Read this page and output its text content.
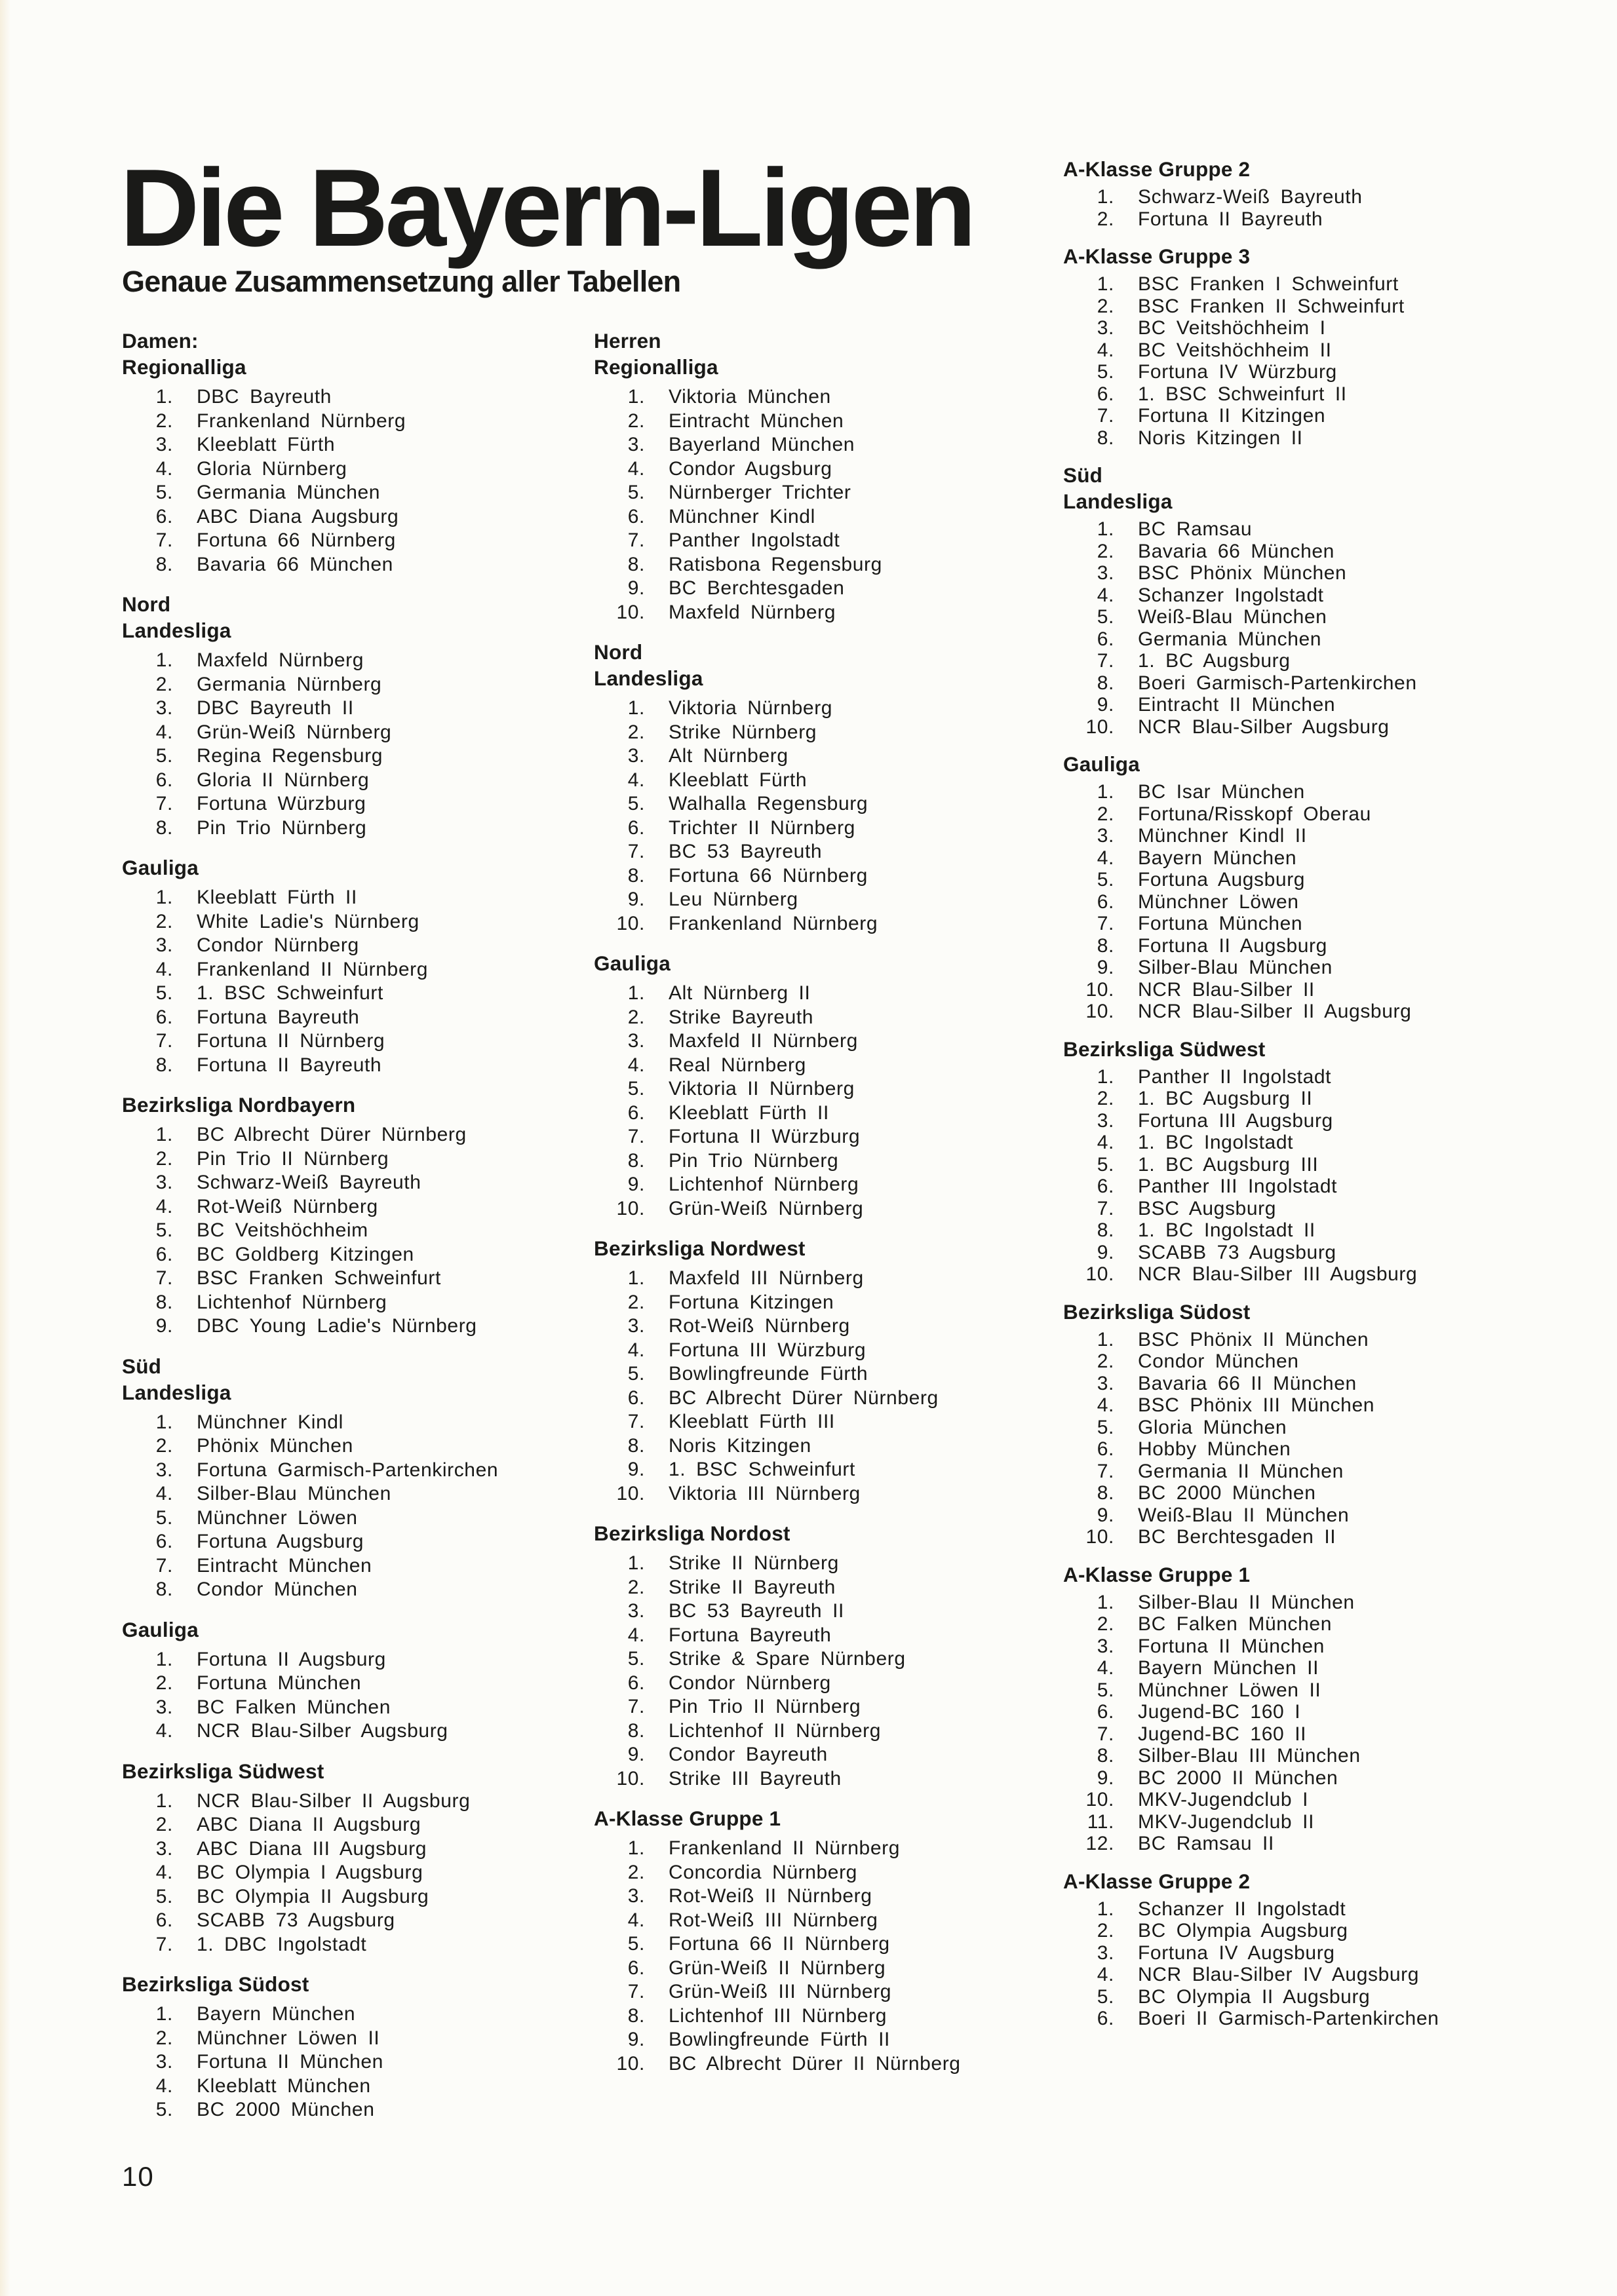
Die Bayern-Ligen
Genaue Zusammensetzung aller Tabellen
Damen:
Regionalliga
1. DBC Bayreuth
2. Frankenland Nürnberg
3. Kleeblatt Fürth
4. Gloria Nürnberg
5. Germania München
6. ABC Diana Augsburg
7. Fortuna 66 Nürnberg
8. Bavaria 66 München
Nord
Landesliga
1. Maxfeld Nürnberg
2. Germania Nürnberg
3. DBC Bayreuth II
4. Grün-Weiß Nürnberg
5. Regina Regensburg
6. Gloria II Nürnberg
7. Fortuna Würzburg
8. Pin Trio Nürnberg
Gauliga
1. Kleeblatt Fürth II
2. White Ladie's Nürnberg
3. Condor Nürnberg
4. Frankenland II Nürnberg
5. 1. BSC Schweinfurt
6. Fortuna Bayreuth
7. Fortuna II Nürnberg
8. Fortuna II Bayreuth
Bezirksliga Nordbayern
1. BC Albrecht Dürer Nürnberg
2. Pin Trio II Nürnberg
3. Schwarz-Weiß Bayreuth
4. Rot-Weiß Nürnberg
5. BC Veitshöchheim
6. BC Goldberg Kitzingen
7. BSC Franken Schweinfurt
8. Lichtenhof Nürnberg
9. DBC Young Ladie's Nürnberg
Süd
Landesliga
1. Münchner Kindl
2. Phönix München
3. Fortuna Garmisch-Partenkirchen
4. Silber-Blau München
5. Münchner Löwen
6. Fortuna Augsburg
7. Eintracht München
8. Condor München
Gauliga
1. Fortuna II Augsburg
2. Fortuna München
3. BC Falken München
4. NCR Blau-Silber Augsburg
Bezirksliga Südwest
1. NCR Blau-Silber II Augsburg
2. ABC Diana II Augsburg
3. ABC Diana III Augsburg
4. BC Olympia I Augsburg
5. BC Olympia II Augsburg
6. SCABB 73 Augsburg
7. 1. DBC Ingolstadt
Bezirksliga Südost
1. Bayern München
2. Münchner Löwen II
3. Fortuna II München
4. Kleeblatt München
5. BC 2000 München
Herren
Regionalliga
1. Viktoria München
2. Eintracht München
3. Bayerland München
4. Condor Augsburg
5. Nürnberger Trichter
6. Münchner Kindl
7. Panther Ingolstadt
8. Ratisbona Regensburg
9. BC Berchtesgaden
10. Maxfeld Nürnberg
Nord
Landesliga
1. Viktoria Nürnberg
2. Strike Nürnberg
3. Alt Nürnberg
4. Kleeblatt Fürth
5. Walhalla Regensburg
6. Trichter II Nürnberg
7. BC 53 Bayreuth
8. Fortuna 66 Nürnberg
9. Leu Nürnberg
10. Frankenland Nürnberg
Gauliga
1. Alt Nürnberg II
2. Strike Bayreuth
3. Maxfeld II Nürnberg
4. Real Nürnberg
5. Viktoria II Nürnberg
6. Kleeblatt Fürth II
7. Fortuna II Würzburg
8. Pin Trio Nürnberg
9. Lichtenhof Nürnberg
10. Grün-Weiß Nürnberg
Bezirksliga Nordwest
1. Maxfeld III Nürnberg
2. Fortuna Kitzingen
3. Rot-Weiß Nürnberg
4. Fortuna III Würzburg
5. Bowlingfreunde Fürth
6. BC Albrecht Dürer Nürnberg
7. Kleeblatt Fürth III
8. Noris Kitzingen
9. 1. BSC Schweinfurt
10. Viktoria III Nürnberg
Bezirksliga Nordost
1. Strike II Nürnberg
2. Strike II Bayreuth
3. BC 53 Bayreuth II
4. Fortuna Bayreuth
5. Strike & Spare Nürnberg
6. Condor Nürnberg
7. Pin Trio II Nürnberg
8. Lichtenhof II Nürnberg
9. Condor Bayreuth
10. Strike III Bayreuth
A-Klasse Gruppe 1
1. Frankenland II Nürnberg
2. Concordia Nürnberg
3. Rot-Weiß II Nürnberg
4. Rot-Weiß III Nürnberg
5. Fortuna 66 II Nürnberg
6. Grün-Weiß II Nürnberg
7. Grün-Weiß III Nürnberg
8. Lichtenhof III Nürnberg
9. Bowlingfreunde Fürth II
10. BC Albrecht Dürer II Nürnberg
A-Klasse Gruppe 2
1. Schwarz-Weiß Bayreuth
2. Fortuna II Bayreuth
A-Klasse Gruppe 3
1. BSC Franken I Schweinfurt
2. BSC Franken II Schweinfurt
3. BC Veitshöchheim I
4. BC Veitshöchheim II
5. Fortuna IV Würzburg
6. 1. BSC Schweinfurt II
7. Fortuna II Kitzingen
8. Noris Kitzingen II
Süd
Landesliga
1. BC Ramsau
2. Bavaria 66 München
3. BSC Phönix München
4. Schanzer Ingolstadt
5. Weiß-Blau München
6. Germania München
7. 1. BC Augsburg
8. Boeri Garmisch-Partenkirchen
9. Eintracht II München
10. NCR Blau-Silber Augsburg
Gauliga
1. BC Isar München
2. Fortuna/Risskopf Oberau
3. Münchner Kindl II
4. Bayern München
5. Fortuna Augsburg
6. Münchner Löwen
7. Fortuna München
8. Fortuna II Augsburg
9. Silber-Blau München
10. NCR Blau-Silber II
10. NCR Blau-Silber II Augsburg
Bezirksliga Südwest
1. Panther II Ingolstadt
2. 1. BC Augsburg II
3. Fortuna III Augsburg
4. 1. BC Ingolstadt
5. 1. BC Augsburg III
6. Panther III Ingolstadt
7. BSC Augsburg
8. 1. BC Ingolstadt II
9. SCABB 73 Augsburg
10. NCR Blau-Silber III Augsburg
Bezirksliga Südost
1. BSC Phönix II München
2. Condor München
3. Bavaria 66 II München
4. BSC Phönix III München
5. Gloria München
6. Hobby München
7. Germania II München
8. BC 2000 München
9. Weiß-Blau II München
10. BC Berchtesgaden II
A-Klasse Gruppe 1
1. Silber-Blau II München
2. BC Falken München
3. Fortuna II München
4. Bayern München II
5. Münchner Löwen II
6. Jugend-BC 160 I
7. Jugend-BC 160 II
8. Silber-Blau III München
9. BC 2000 II München
10. MKV-Jugendclub I
11. MKV-Jugendclub II
12. BC Ramsau II
A-Klasse Gruppe 2
1. Schanzer II Ingolstadt
2. BC Olympia Augsburg
3. Fortuna IV Augsburg
4. NCR Blau-Silber IV Augsburg
5. BC Olympia II Augsburg
6. Boeri II Garmisch-Partenkirchen
10
